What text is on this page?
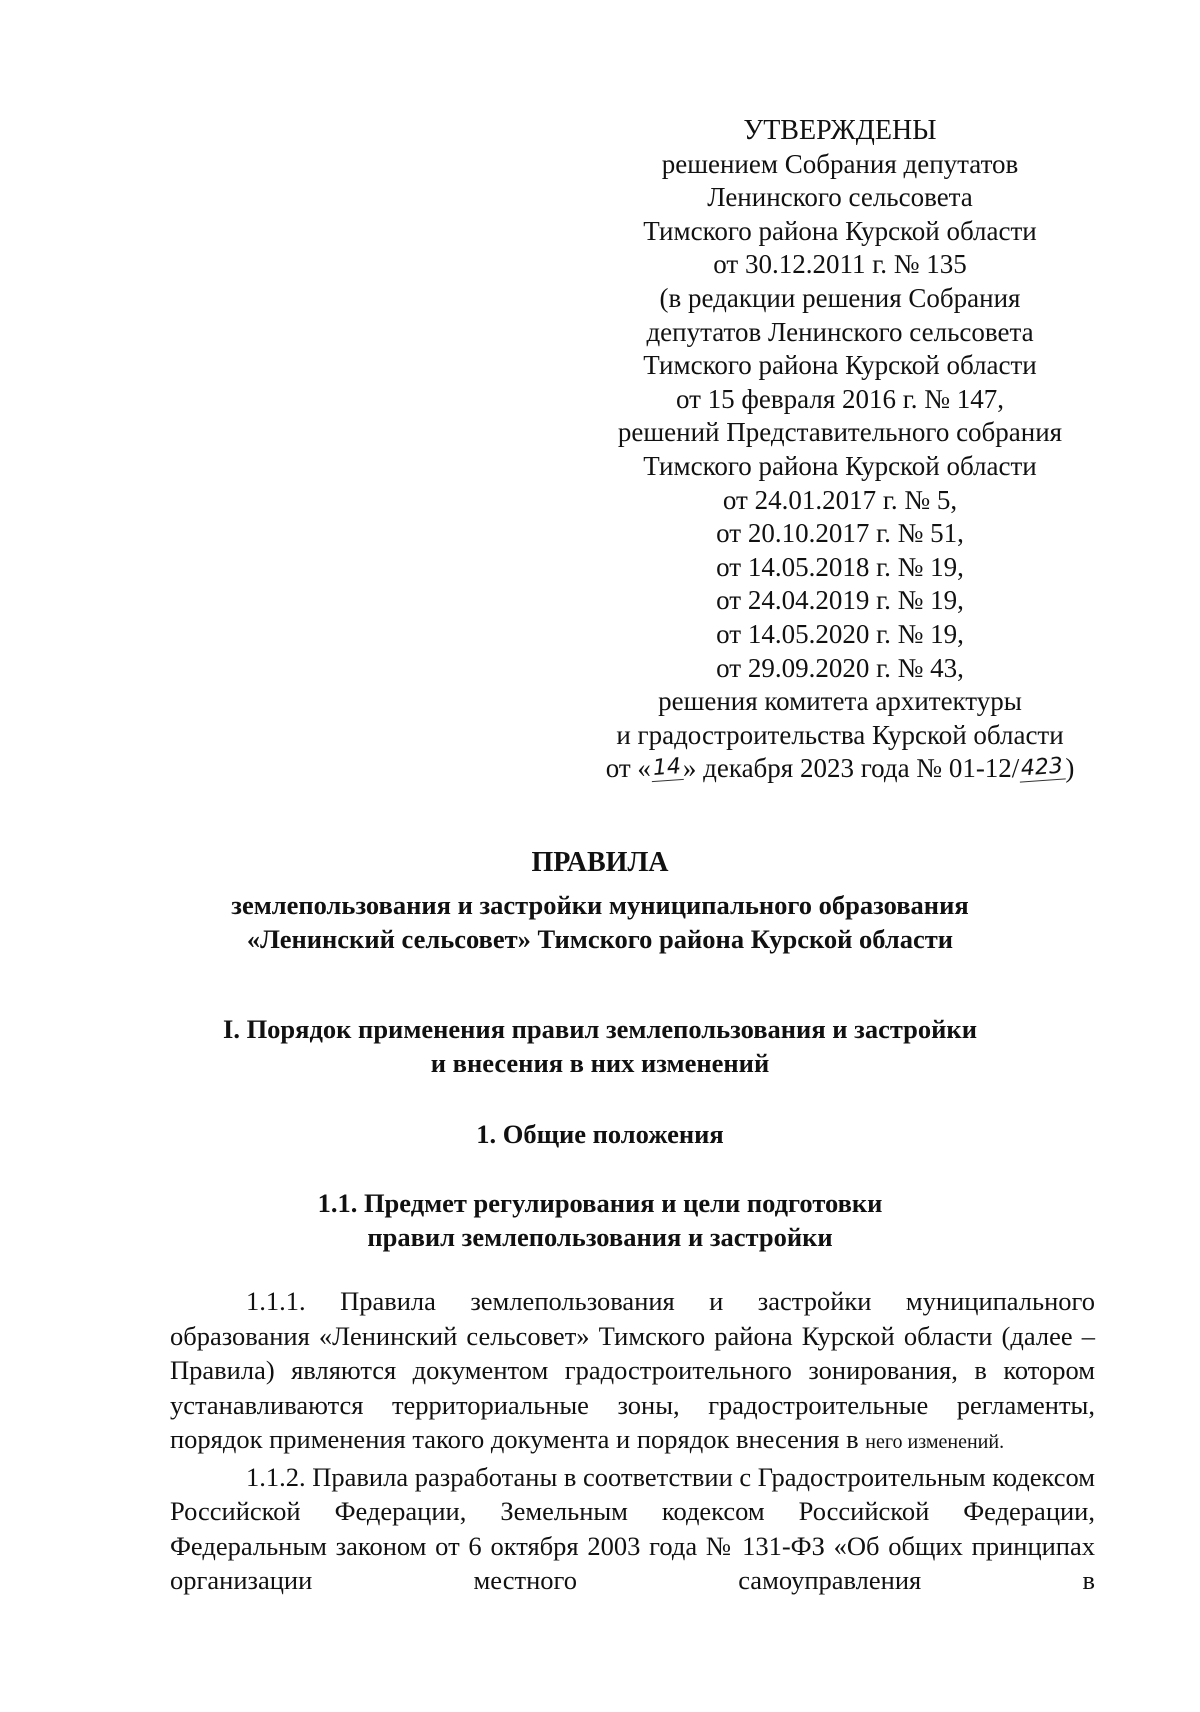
УТВЕРЖДЕНЫ
решением Собрания депутатов
Ленинского сельсовета
Тимского района Курской области
от 30.12.2011 г. № 135
(в редакции решения Собрания
депутатов Ленинского сельсовета
Тимского района Курской области
от 15 февраля 2016 г. № 147,
решений Представительного собрания
Тимского района Курской области
от 24.01.2017 г. № 5,
от 20.10.2017 г. № 51,
от 14.05.2018 г. № 19,
от 24.04.2019 г. № 19,
от 14.05.2020 г. № 19,
от 29.09.2020 г. № 43,
решения комитета архитектуры
и градостроительства Курской области
от «14» декабря 2023 года № 01-12/423)
ПРАВИЛА
землепользования и застройки муниципального образования
«Ленинский сельсовет» Тимского района Курской области
I. Порядок применения правил землепользования и застройки
и внесения в них изменений
1. Общие положения
1.1. Предмет регулирования и цели подготовки
правил землепользования и застройки

1.1.1. Правила землепользования и застройки муниципального образования «Ленинский сельсовет» Тимского района Курской области (далее – Правила) являются документом градостроительного зонирования, в котором устанавливаются территориальные зоны, градостроительные регламенты, порядок применения такого документа и порядок внесения в него изменений.

1.1.2. Правила разработаны в соответствии с Градостроительным кодексом Российской Федерации, Земельным кодексом Российской Федерации, Федеральным законом от 6 октября 2003 года № 131-ФЗ «Об общих принципах организации местного самоуправления в
